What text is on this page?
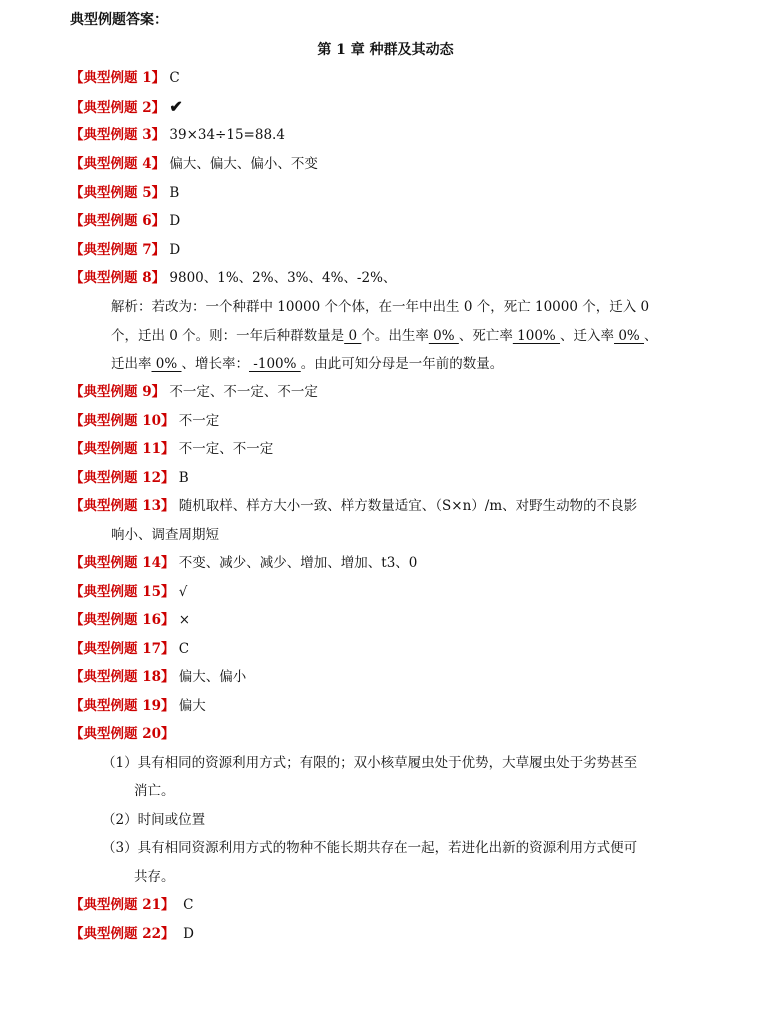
典型例题答案：
第 1 章 种群及其动态
【典型例题 1】 C
【典型例题 2】 ✔
【典型例题 3】 39×34÷15=88.4
【典型例题 4】 偏大、偏大、偏小、不变
【典型例题 5】 B
【典型例题 6】 D
【典型例题 7】 D
【典型例题 8】 9800、1%、2%、3%、4%、-2%、
解析：若改为：一个种群中 10000 个个体，在一年中出生 0 个，死亡 10000 个，迁入 0
个，迁出 0 个。则：一年后种群数量是 0 个。出生率 0% 、死亡率 100% 、迁入率 0% 、
迁出率 0% 、增长率： -100% 。由此可知分母是一年前的数量。
【典型例题 9】 不一定、不一定、不一定
【典型例题 10】 不一定
【典型例题 11】 不一定、不一定
【典型例题 12】 B
【典型例题 13】 随机取样、样方大小一致、样方数量适宜、（S×n）/m、对野生动物的不良影
响小、调查周期短
【典型例题 14】 不变、减少、减少、增加、增加、t3、0
【典型例题 15】 √
【典型例题 16】 ×
【典型例题 17】 C
【典型例题 18】 偏大、偏小
【典型例题 19】 偏大
【典型例题 20】
（1）具有相同的资源利用方式；有限的；双小核草履虫处于优势，大草履虫处于劣势甚至
消亡。
（2）时间或位置
（3）具有相同资源利用方式的物种不能长期共存在一起，若进化出新的资源利用方式便可
共存。
【典型例题 21】 C
【典型例题 22】 D
